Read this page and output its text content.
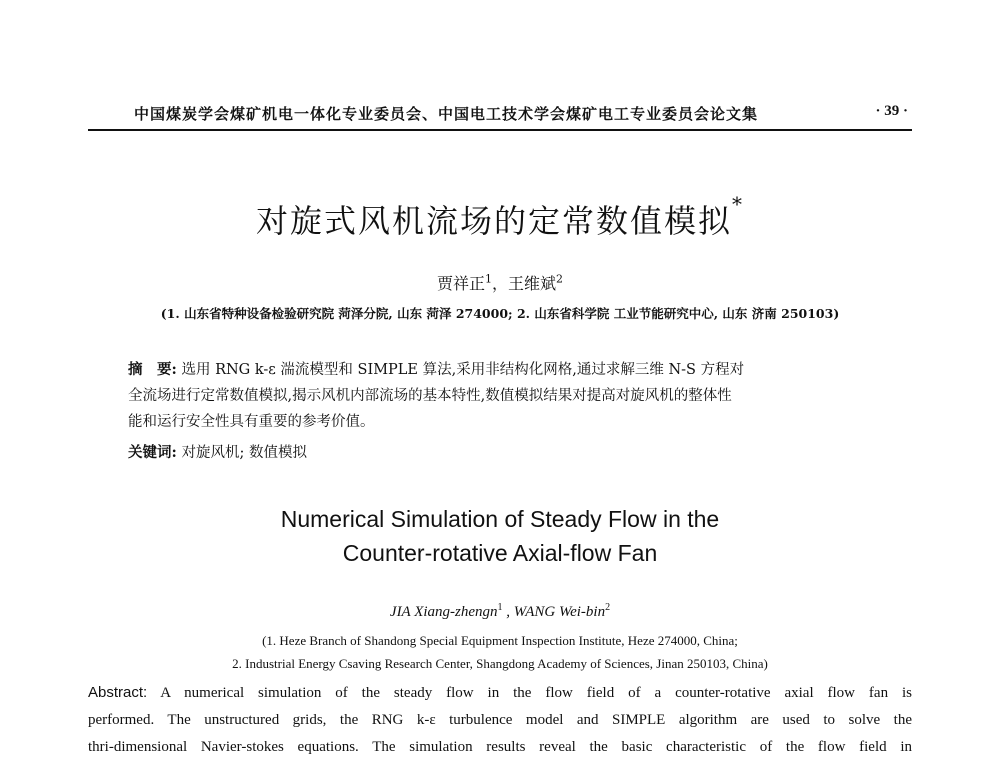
中国煤炭学会煤矿机电一体化专业委员会、中国电工技术学会煤矿电工专业委员会论文集	· 39 ·
对旋式风机流场的定常数值模拟*
贾祥正$^1$，王维斌$^2$
(1. 山东省特种设备检验研究院 菏泽分院, 山东 菏泽 274000; 2. 山东省科学院 工业节能研究中心, 山东 济南 250103)
摘　要: 选用 RNG k-ε 湍流模型和 SIMPLE 算法,采用非结构化网格,通过求解三维 N-S 方程对
全流场进行定常数值模拟,揭示风机内部流场的基本特性,数值模拟结果对提高对旋风机的整体性
能和运行安全性具有重要的参考价值。
关键词: 对旋风机; 数值模拟
Numerical Simulation of Steady Flow in the
Counter-rotative Axial-flow Fan
JIA Xiang-zhengn$^1$ , WANG Wei-bin$^2$
(1. Heze Branch of Shandong Special Equipment Inspection Institute, Heze 274000, China;
2. Industrial Energy Csaving Research Center, Shangdong Academy of Sciences, Jinan 250103, China)
Abstract: A numerical simulation of the steady flow in the flow field of a counter-rotative axial flow fan is
performed. The unstructured grids, the RNG k-ε turbulence model and SIMPLE algorithm are used to solve the
thri-dimensional Navier-stokes equations. The simulation results reveal the basic characteristic of the flow field in
